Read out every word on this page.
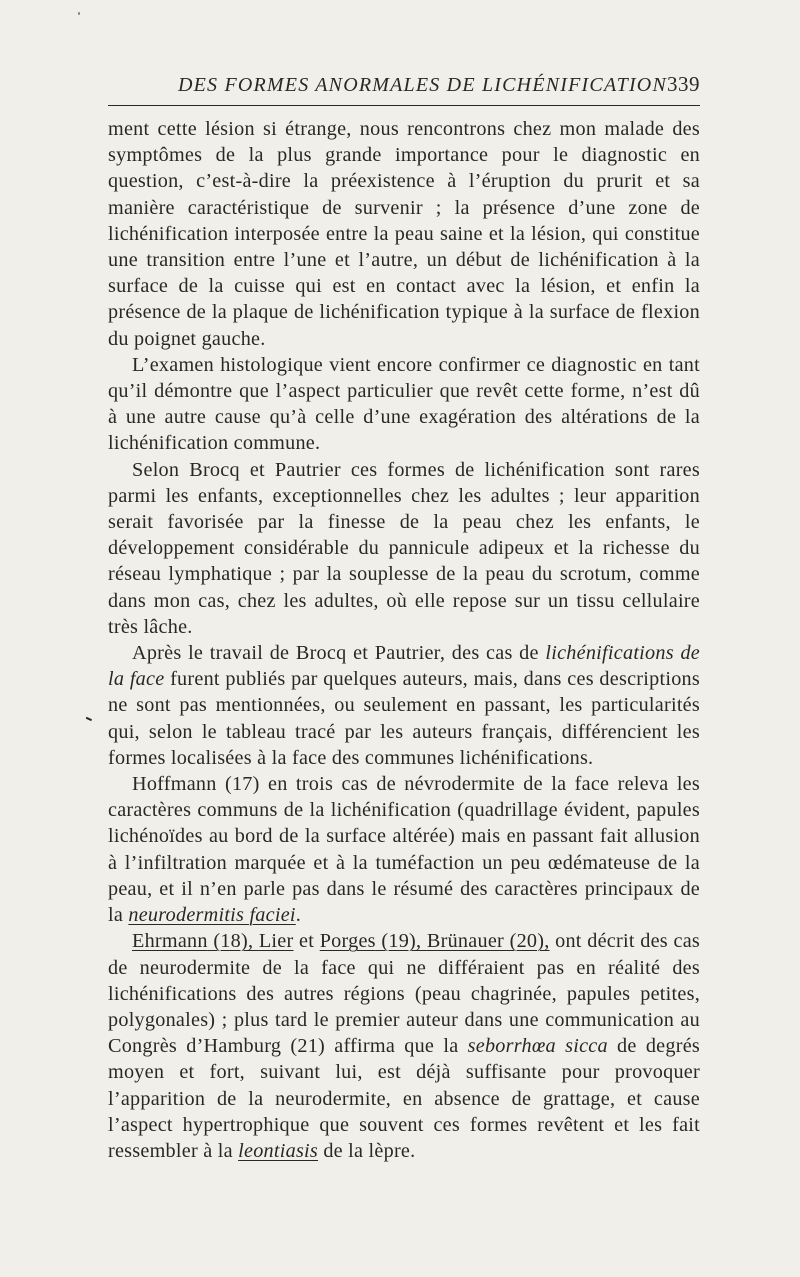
DES FORMES ANORMALES DE LICHÉNIFICATION 339

ment cette lésion si étrange, nous rencontrons chez mon malade des symptômes de la plus grande importance pour le diagnostic en question, c’est-à-dire la préexistence à l’éruption du prurit et sa manière caractéristique de survenir ; la présence d’une zone de lichénification interposée entre la peau saine et la lésion, qui constitue une transition entre l’une et l’autre, un début de lichénification à la surface de la cuisse qui est en contact avec la lésion, et enfin la présence de la plaque de lichénification typique à la surface de flexion du poignet gauche.

L’examen histologique vient encore confirmer ce diagnostic en tant qu’il démontre que l’aspect particulier que revêt cette forme, n’est dû à une autre cause qu’à celle d’une exagération des altérations de la lichénification commune.

Selon Brocq et Pautrier ces formes de lichénification sont rares parmi les enfants, exceptionnelles chez les adultes ; leur apparition serait favorisée par la finesse de la peau chez les enfants, le développement considérable du pannicule adipeux et la richesse du réseau lymphatique ; par la souplesse de la peau du scrotum, comme dans mon cas, chez les adultes, où elle repose sur un tissu cellulaire très lâche.

Après le travail de Brocq et Pautrier, des cas de lichénifications de la face furent publiés par quelques auteurs, mais, dans ces descriptions ne sont pas mentionnées, ou seulement en passant, les particularités qui, selon le tableau tracé par les auteurs français, différencient les formes localisées à la face des communes lichénifications.

Hoffmann (17) en trois cas de névrodermite de la face releva les caractères communs de la lichénification (quadrillage évident, papules lichénoïdes au bord de la surface altérée) mais en passant fait allusion à l’infiltration marquée et à la tuméfaction un peu œdémateuse de la peau, et il n’en parle pas dans le résumé des caractères principaux de la neurodermitis faciei.

Ehrmann (18), Lier et Porges (19), Brünauer (20), ont décrit des cas de neurodermite de la face qui ne différaient pas en réalité des lichénifications des autres régions (peau chagrinée, papules petites, polygonales) ; plus tard le premier auteur dans une communication au Congrès d’Hamburg (21) affirma que la seborrhœa sicca de degrés moyen et fort, suivant lui, est déjà suffisante pour provoquer l’apparition de la neurodermite, en absence de grattage, et cause l’aspect hypertrophique que souvent ces formes revêtent et les fait ressembler à la leontiasis de la lèpre.
